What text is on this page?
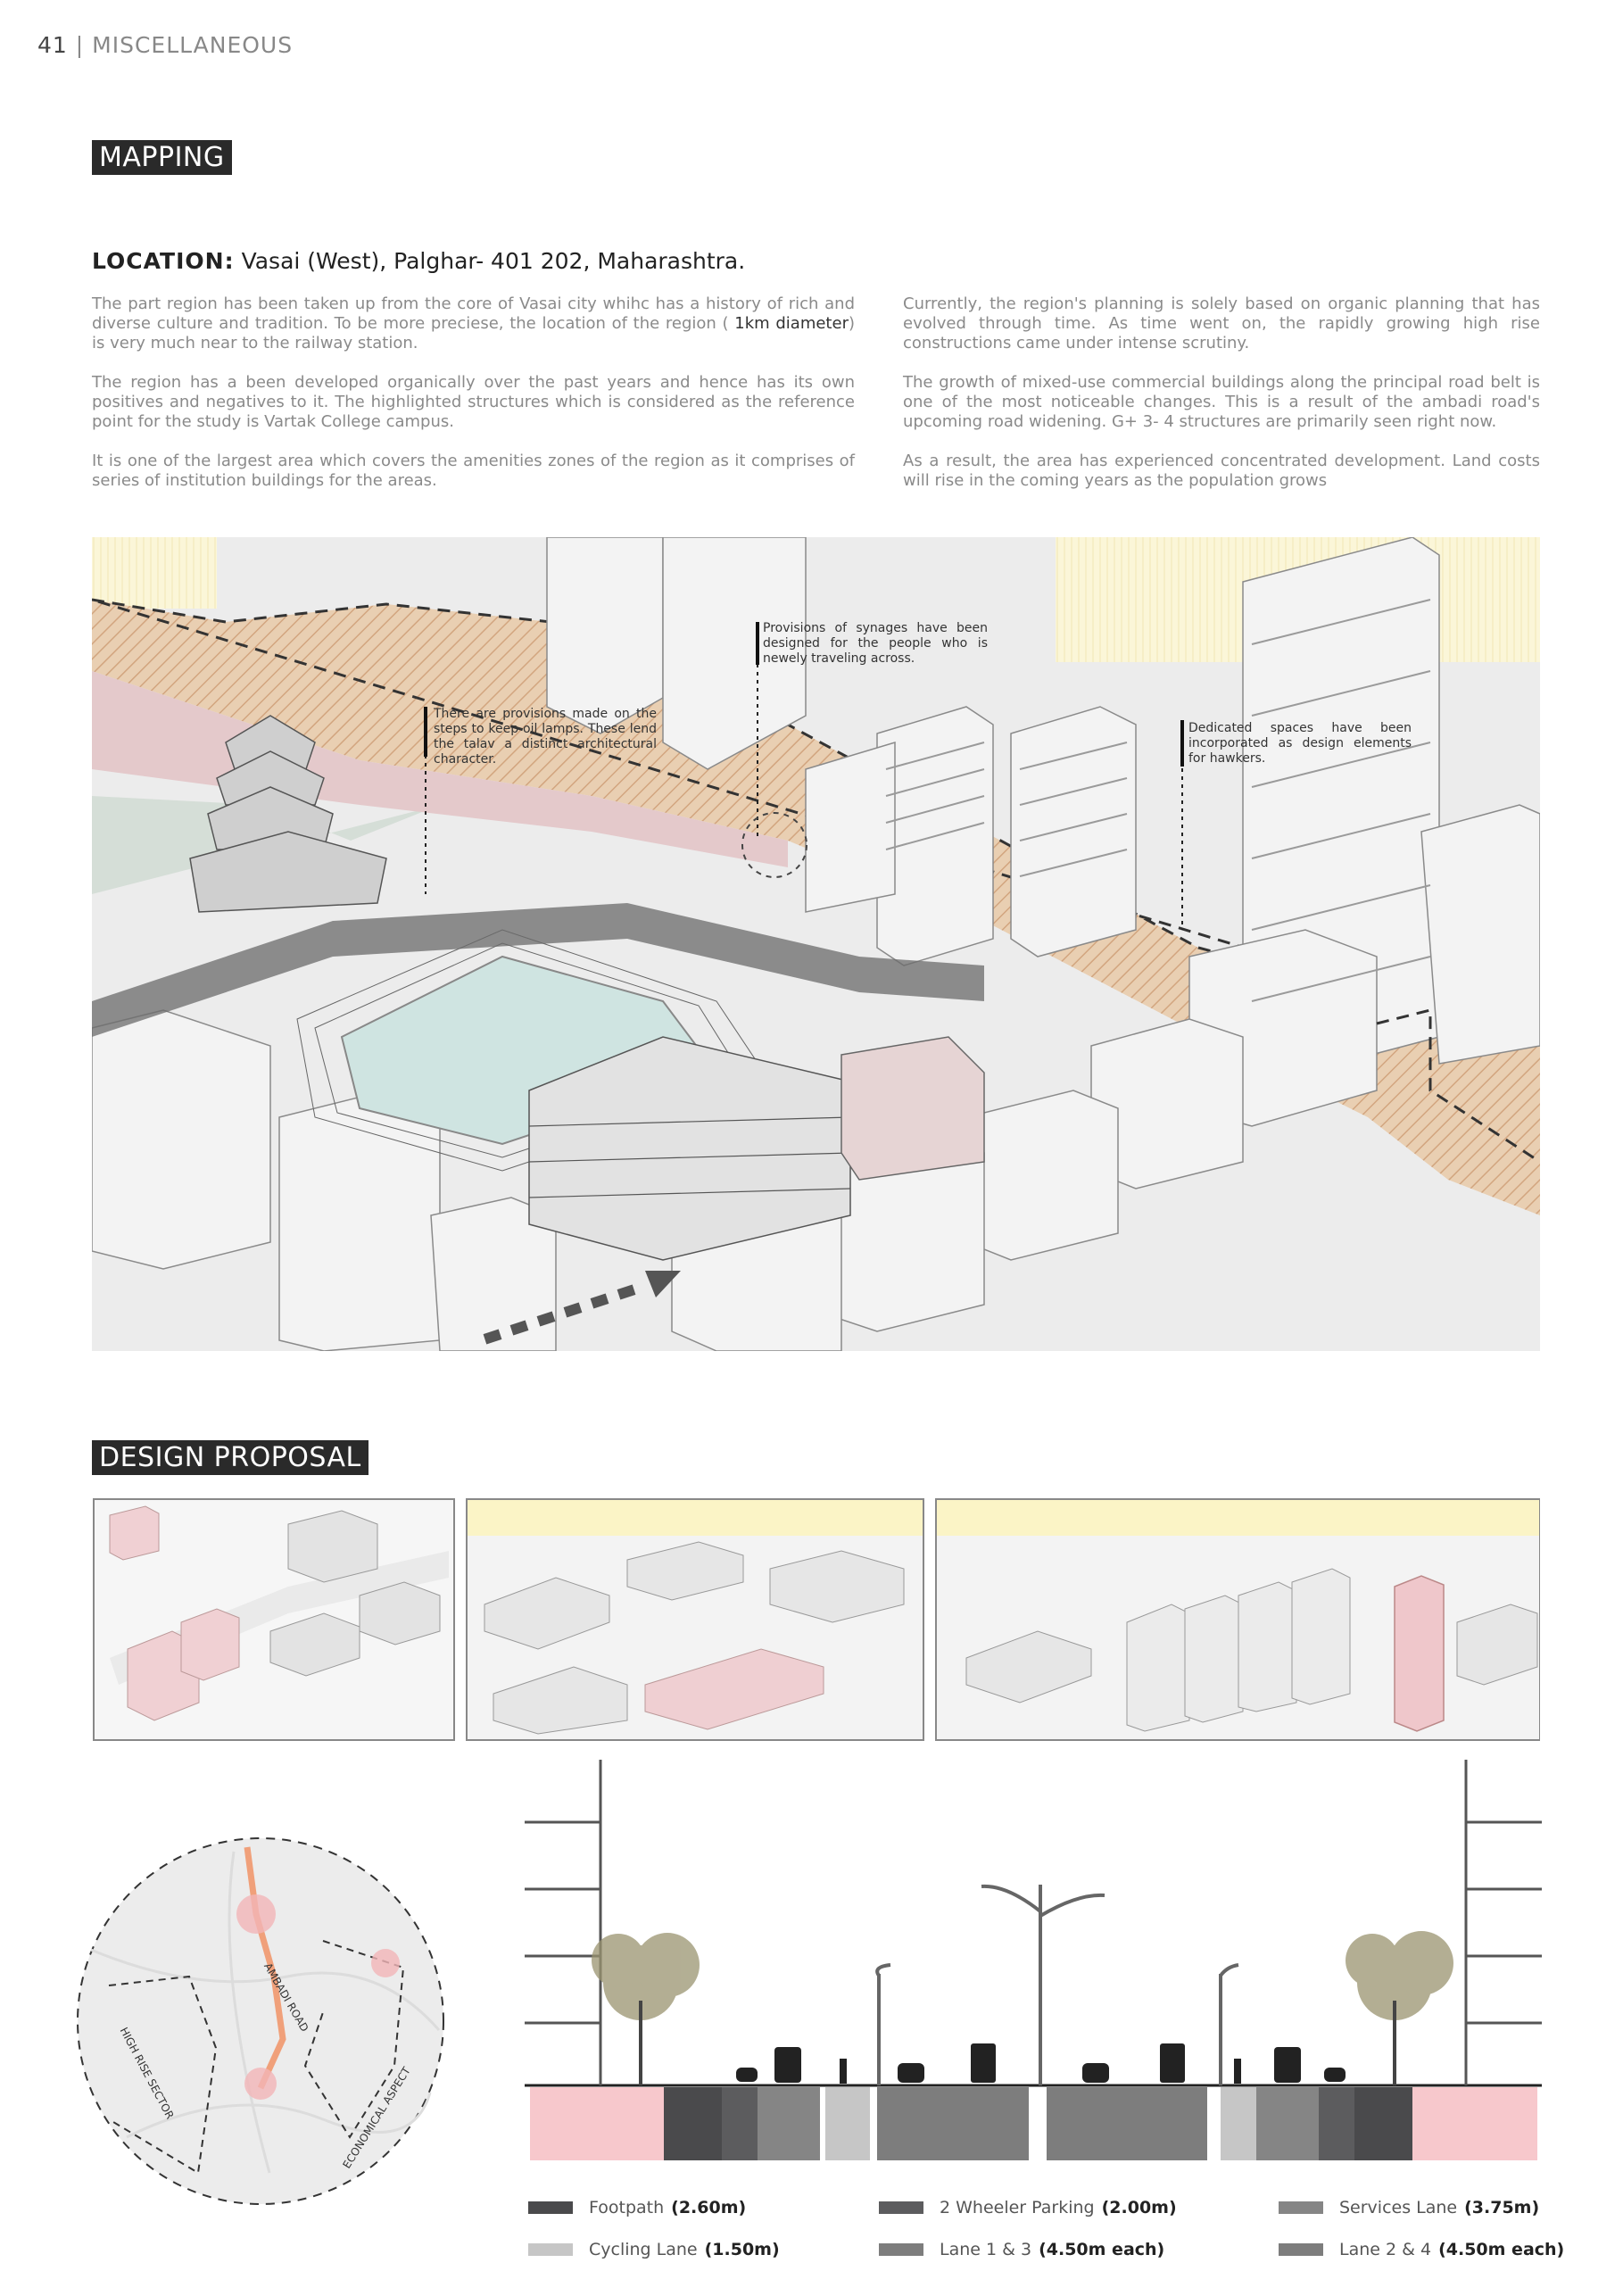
41 | MISCELLANEOUS
MAPPING
LOCATION: Vasai (West), Palghar- 401 202, Maharashtra.

The part region has been taken up from the core of Vasai city whihc has a history of rich and diverse culture and tradition. To be more preciese, the location of the region ( 1km diameter) is very much near to the railway station.

The region has a been developed organically over the past years and hence has its own positives and negatives to it. The highlighted structures which is considered as the reference point for the study is Vartak College campus.

It is one of the largest area which covers the amenities zones of the region as it comprises of series of institution buildings for the areas.

Currently, the region's planning is solely based on organic planning that has evolved through time. As time went on, the rapidly growing high rise constructions came under intense scrutiny.

The growth of mixed-use commercial buildings along the principal road belt is one of the most noticeable changes. This is a result of the ambadi road's upcoming road widening. G+ 3- 4 structures are primarily seen right now.

As a result, the area has experienced concentrated development. Land costs will rise in the coming years as the population grows

Provisions of synages have been designed for the people who is newely traveling across.
There are provisions made on the steps to keep oil lamps. These lend the talav a distinct architectural character.
Dedicated spaces have been incorporated as design elements for hawkers.
DESIGN PROPOSAL
AMBADI ROAD
HIGH RISE SECTOR	ECONOMICAL ASPECT
Footpath (2.60m)	2 Wheeler Parking (2.00m)	Services Lane (3.75m)
Cycling Lane (1.50m)	Lane 1 & 3 (4.50m each)	Lane 2 & 4 (4.50m each)
